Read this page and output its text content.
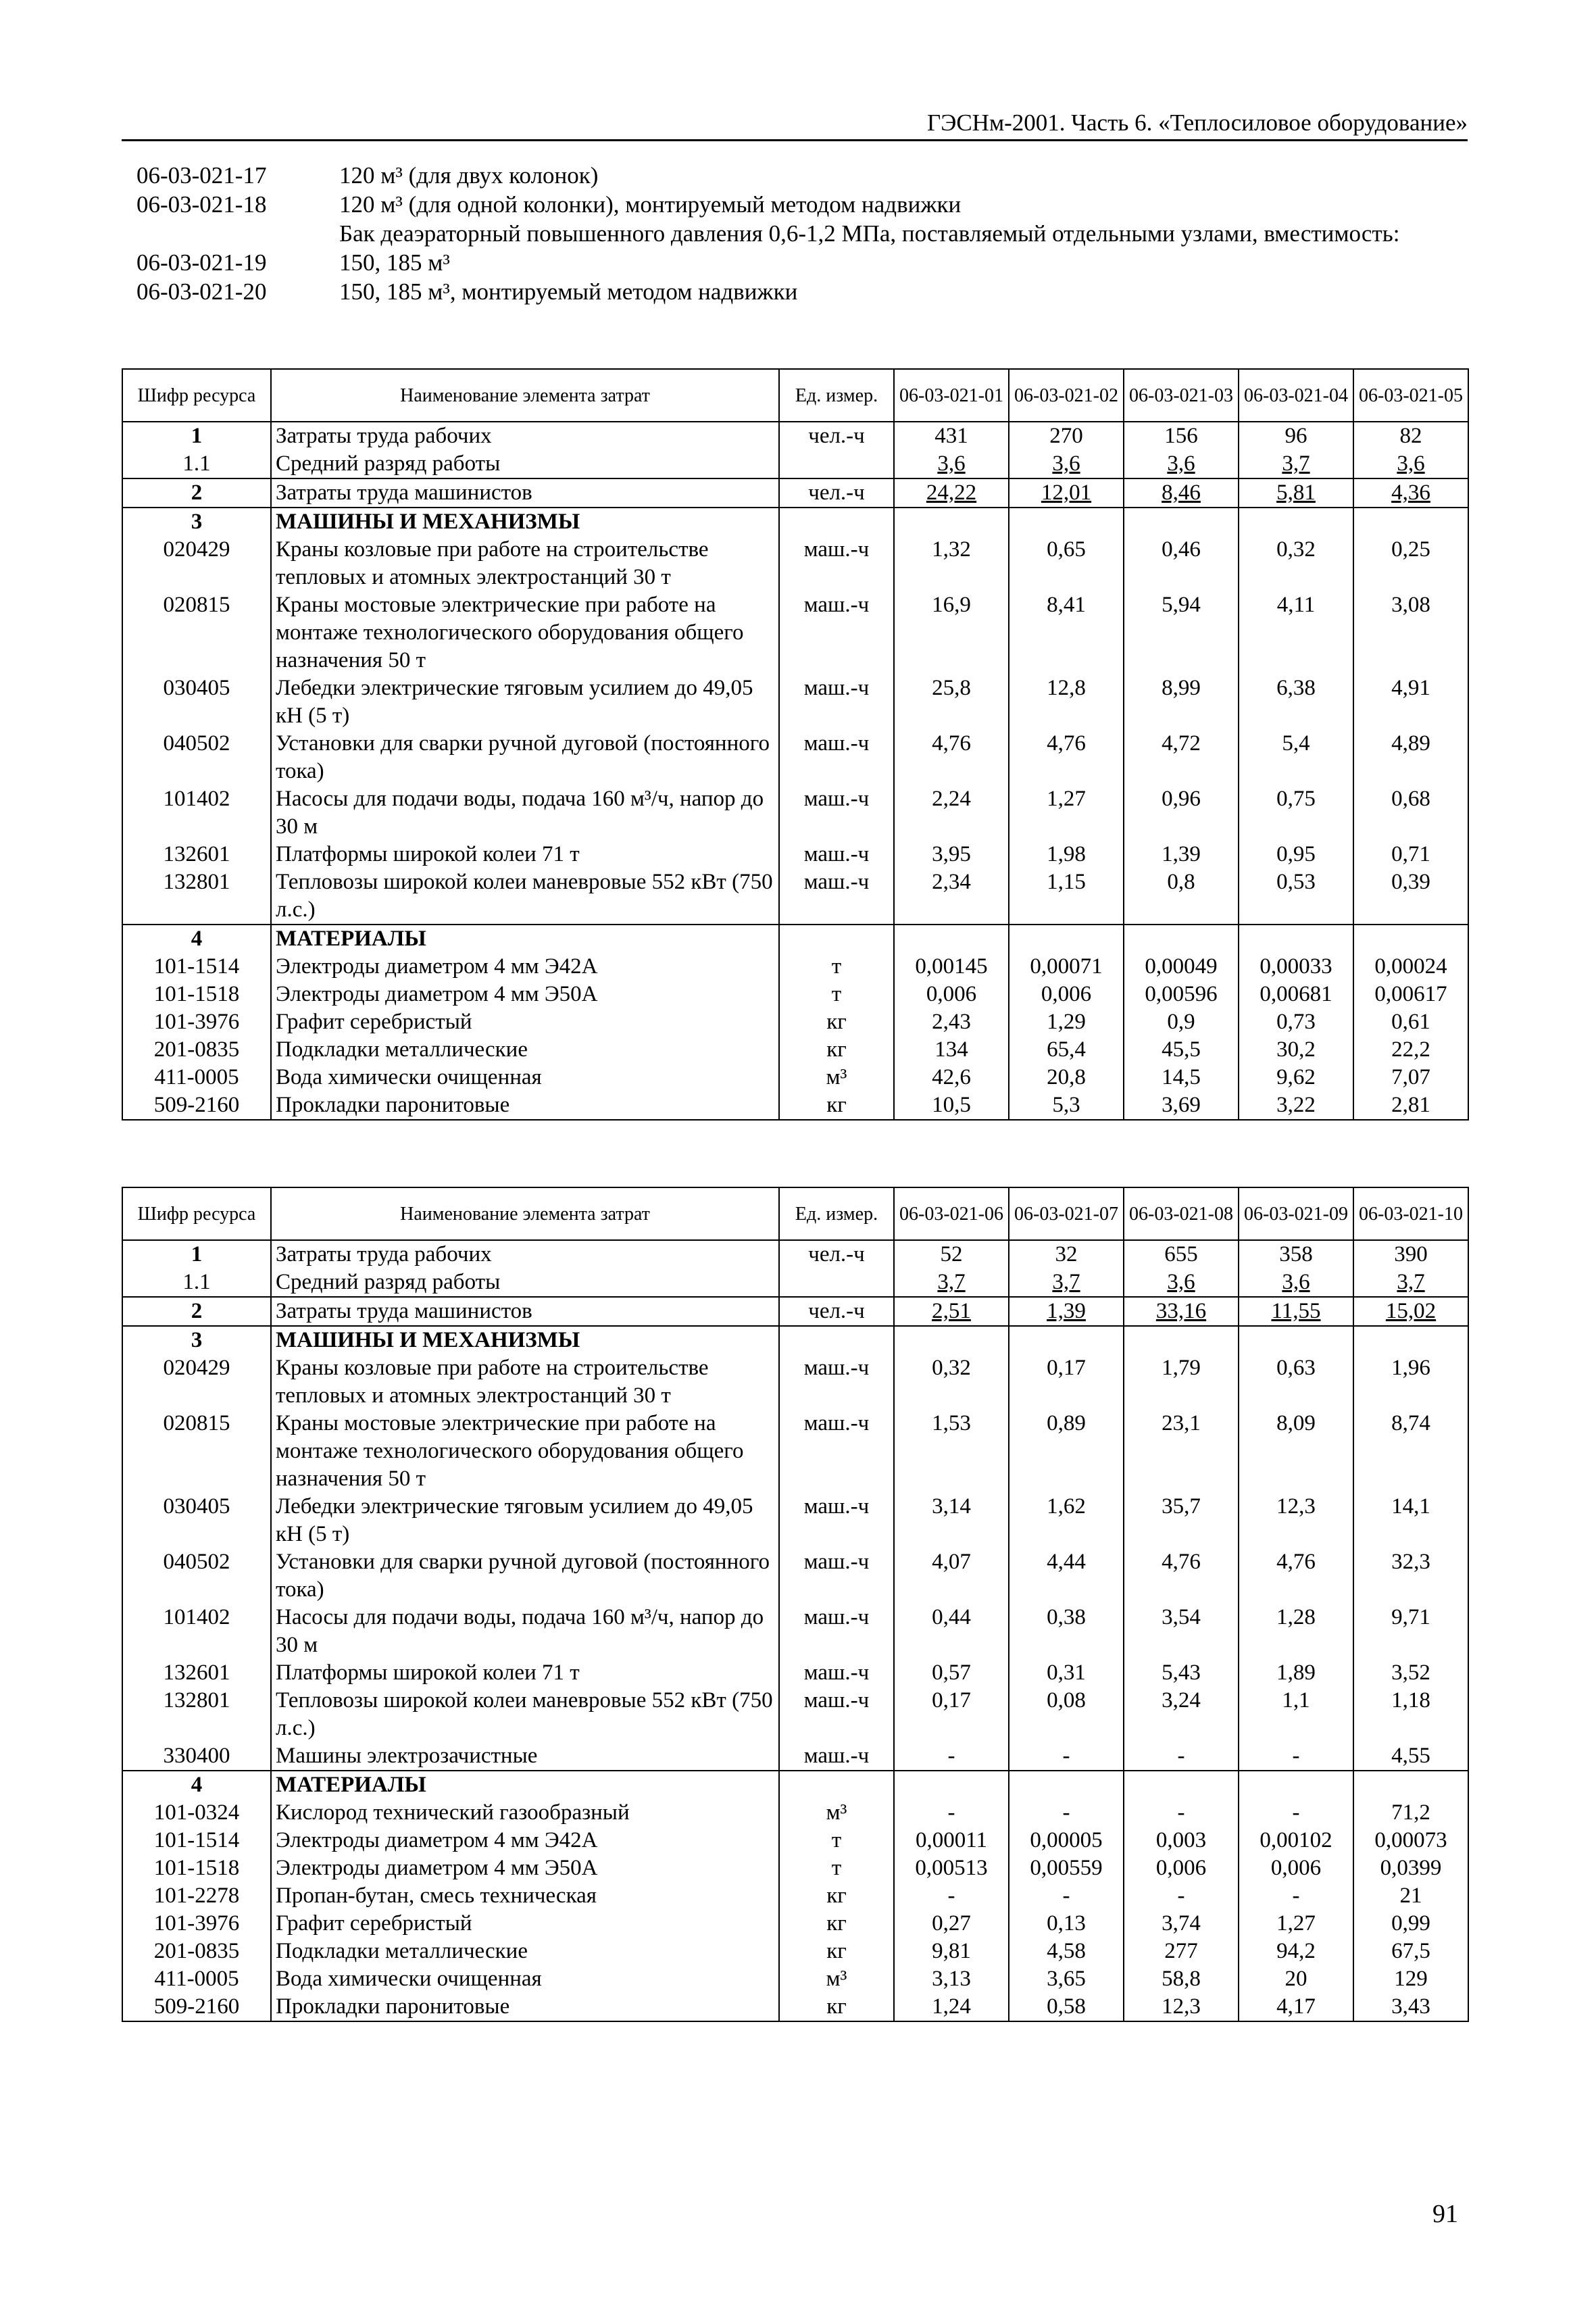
ГЭСНм-2001. Часть 6. «Теплосиловое оборудование»
06-03-021-17	120 м³ (для двух колонок)
06-03-021-18	120 м³ (для одной колонки), монтируемый методом надвижки
Бак деаэраторный повышенного давления 0,6-1,2 МПа, поставляемый отдельными узлами, вместимость:
06-03-021-19	150, 185 м³
06-03-021-20	150, 185 м³, монтируемый методом надвижки
Шифр ресурса	Наименование элемента затрат	Ед. измер.	06-03-021-01	06-03-021-02	06-03-021-03	06-03-021-04	06-03-021-05
1	Затраты труда рабочих	чел.-ч	431	270	156	96	82
1.1	Средний разряд работы		3,6	3,6	3,6	3,7	3,6
2	Затраты труда машинистов	чел.-ч	24,22	12,01	8,46	5,81	4,36
3	МАШИНЫ И МЕХАНИЗМЫ						
020429	Краны козловые при работе на строительстве тепловых и атомных электростанций 30 т	маш.-ч	1,32	0,65	0,46	0,32	0,25
020815	Краны мостовые электрические при работе на монтаже технологического оборудования общего назначения 50 т	маш.-ч	16,9	8,41	5,94	4,11	3,08
030405	Лебедки электрические тяговым усилием до 49,05 кН (5 т)	маш.-ч	25,8	12,8	8,99	6,38	4,91
040502	Установки для сварки ручной дуговой (постоянного тока)	маш.-ч	4,76	4,76	4,72	5,4	4,89
101402	Насосы для подачи воды, подача 160 м³/ч, напор до 30 м	маш.-ч	2,24	1,27	0,96	0,75	0,68
132601	Платформы широкой колеи 71 т	маш.-ч	3,95	1,98	1,39	0,95	0,71
132801	Тепловозы широкой колеи маневровые 552 кВт (750 л.с.)	маш.-ч	2,34	1,15	0,8	0,53	0,39
4	МАТЕРИАЛЫ						
101-1514	Электроды диаметром 4 мм Э42А	т	0,00145	0,00071	0,00049	0,00033	0,00024
101-1518	Электроды диаметром 4 мм Э50А	т	0,006	0,006	0,00596	0,00681	0,00617
101-3976	Графит серебристый	кг	2,43	1,29	0,9	0,73	0,61
201-0835	Подкладки металлические	кг	134	65,4	45,5	30,2	22,2
411-0005	Вода химически очищенная	м³	42,6	20,8	14,5	9,62	7,07
509-2160	Прокладки паронитовые	кг	10,5	5,3	3,69	3,22	2,81
Шифр ресурса	Наименование элемента затрат	Ед. измер.	06-03-021-06	06-03-021-07	06-03-021-08	06-03-021-09	06-03-021-10
1	Затраты труда рабочих	чел.-ч	52	32	655	358	390
1.1	Средний разряд работы		3,7	3,7	3,6	3,6	3,7
2	Затраты труда машинистов	чел.-ч	2,51	1,39	33,16	11,55	15,02
3	МАШИНЫ И МЕХАНИЗМЫ						
020429	Краны козловые при работе на строительстве тепловых и атомных электростанций 30 т	маш.-ч	0,32	0,17	1,79	0,63	1,96
020815	Краны мостовые электрические при работе на монтаже технологического оборудования общего назначения 50 т	маш.-ч	1,53	0,89	23,1	8,09	8,74
030405	Лебедки электрические тяговым усилием до 49,05 кН (5 т)	маш.-ч	3,14	1,62	35,7	12,3	14,1
040502	Установки для сварки ручной дуговой (постоянного тока)	маш.-ч	4,07	4,44	4,76	4,76	32,3
101402	Насосы для подачи воды, подача 160 м³/ч, напор до 30 м	маш.-ч	0,44	0,38	3,54	1,28	9,71
132601	Платформы широкой колеи 71 т	маш.-ч	0,57	0,31	5,43	1,89	3,52
132801	Тепловозы широкой колеи маневровые 552 кВт (750 л.с.)	маш.-ч	0,17	0,08	3,24	1,1	1,18
330400	Машины электрозачистные	маш.-ч	-	-	-	-	4,55
4	МАТЕРИАЛЫ						
101-0324	Кислород технический газообразный	м³	-	-	-	-	71,2
101-1514	Электроды диаметром 4 мм Э42А	т	0,00011	0,00005	0,003	0,00102	0,00073
101-1518	Электроды диаметром 4 мм Э50А	т	0,00513	0,00559	0,006	0,006	0,0399
101-2278	Пропан-бутан, смесь техническая	кг	-	-	-	-	21
101-3976	Графит серебристый	кг	0,27	0,13	3,74	1,27	0,99
201-0835	Подкладки металлические	кг	9,81	4,58	277	94,2	67,5
411-0005	Вода химически очищенная	м³	3,13	3,65	58,8	20	129
509-2160	Прокладки паронитовые	кг	1,24	0,58	12,3	4,17	3,43
91
